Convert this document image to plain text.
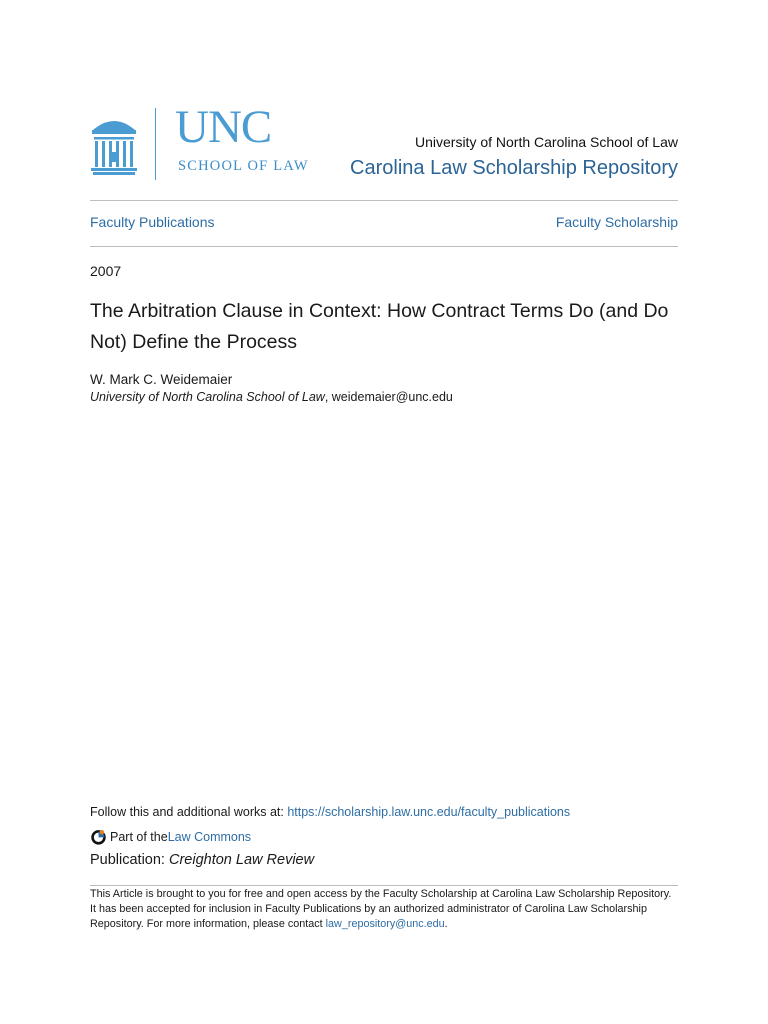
UNC
SCHOOL OF LAW
University of North Carolina School of Law
Carolina Law Scholarship Repository
Faculty Publications	Faculty Scholarship
2007
The Arbitration Clause in Context: How Contract Terms Do (and Do Not) Define the Process
W. Mark C. Weidemaier
University of North Carolina School of Law, weidemaier@unc.edu
Follow this and additional works at: https://scholarship.law.unc.edu/faculty_publications
Part of the Law Commons
Publication: Creighton Law Review
This Article is brought to you for free and open access by the Faculty Scholarship at Carolina Law Scholarship Repository. It has been accepted for inclusion in Faculty Publications by an authorized administrator of Carolina Law Scholarship Repository. For more information, please contact law_repository@unc.edu.
